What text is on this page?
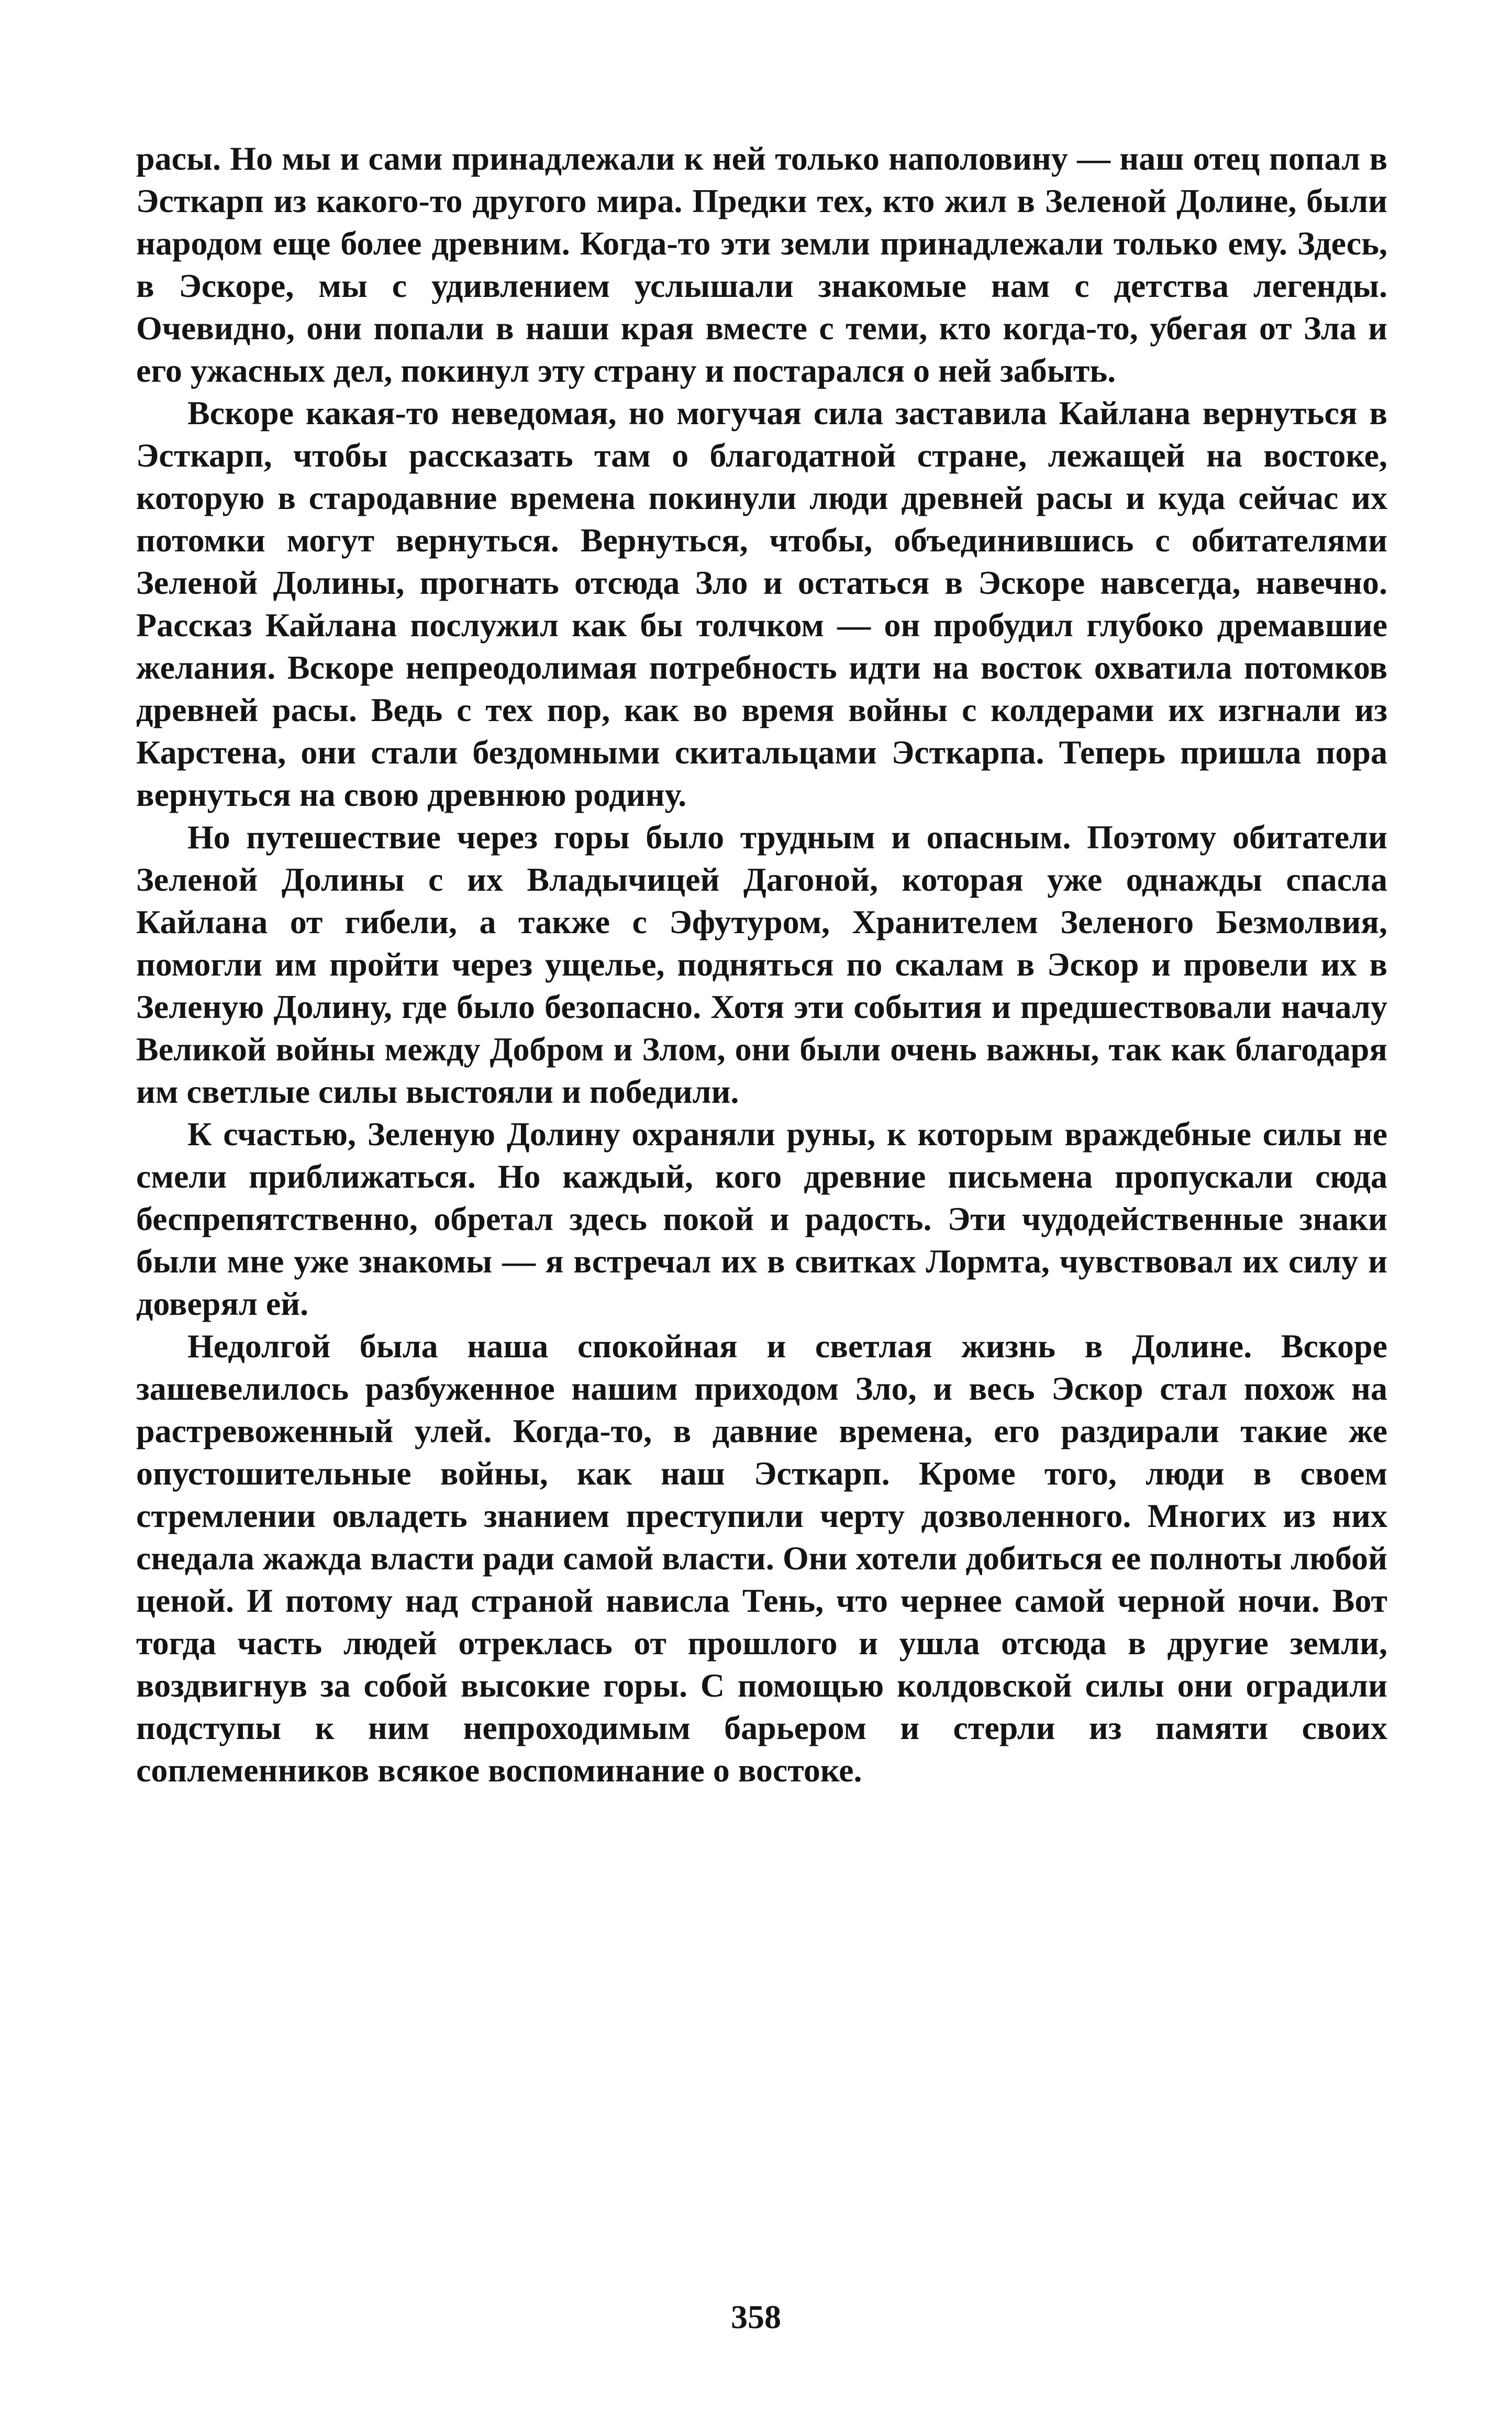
расы. Но мы и сами принадлежали к ней только наполовину — наш отец попал в Эсткарп из какого-то другого мира. Предки тех, кто жил в Зеленой Долине, были народом еще более древним. Когда-то эти земли принадлежали только ему. Здесь, в Эскоре, мы с удивлением услышали знакомые нам с детства легенды. Очевидно, они попали в наши края вместе с теми, кто когда-то, убегая от Зла и его ужасных дел, покинул эту страну и постарался о ней забыть.

Вскоре какая-то неведомая, но могучая сила заставила Кайлана вернуться в Эсткарп, чтобы рассказать там о благодатной стране, лежащей на востоке, которую в стародавние времена покинули люди древней расы и куда сейчас их потомки могут вернуться. Вернуться, чтобы, объединившись с обитателями Зеленой Долины, прогнать отсюда Зло и остаться в Эскоре навсегда, навечно. Рассказ Кайлана послужил как бы толчком — он пробудил глубоко дремавшие желания. Вскоре непреодолимая потребность идти на восток охватила потомков древней расы. Ведь с тех пор, как во время войны с колдерами их изгнали из Карстена, они стали бездомными скитальцами Эсткарпа. Теперь пришла пора вернуться на свою древнюю родину.

Но путешествие через горы было трудным и опасным. Поэтому обитатели Зеленой Долины с их Владычицей Дагоной, которая уже однажды спасла Кайлана от гибели, а также с Эфутуром, Хранителем Зеленого Безмолвия, помогли им пройти через ущелье, подняться по скалам в Эскор и провели их в Зеленую Долину, где было безопасно. Хотя эти события и предшествовали началу Великой войны между Добром и Злом, они были очень важны, так как благодаря им светлые силы выстояли и победили.

К счастью, Зеленую Долину охраняли руны, к которым враждебные силы не смели приближаться. Но каждый, кого древние письмена пропускали сюда беспрепятственно, обретал здесь покой и радость. Эти чудодейственные знаки были мне уже знакомы — я встречал их в свитках Лормта, чувствовал их силу и доверял ей.

Недолгой была наша спокойная и светлая жизнь в Долине. Вскоре зашевелилось разбуженное нашим приходом Зло, и весь Эскор стал похож на растревоженный улей. Когда-то, в давние времена, его раздирали такие же опустошительные войны, как наш Эсткарп. Кроме того, люди в своем стремлении овладеть знанием преступили черту дозволенного. Многих из них снедала жажда власти ради самой власти. Они хотели добиться ее полноты любой ценой. И потому над страной нависла Тень, что чернее самой черной ночи. Вот тогда часть людей отреклась от прошлого и ушла отсюда в другие земли, воздвигнув за собой высокие горы. С помощью колдовской силы они оградили подступы к ним непроходимым барьером и стерли из памяти своих соплеменников всякое воспоминание о востоке.

358
